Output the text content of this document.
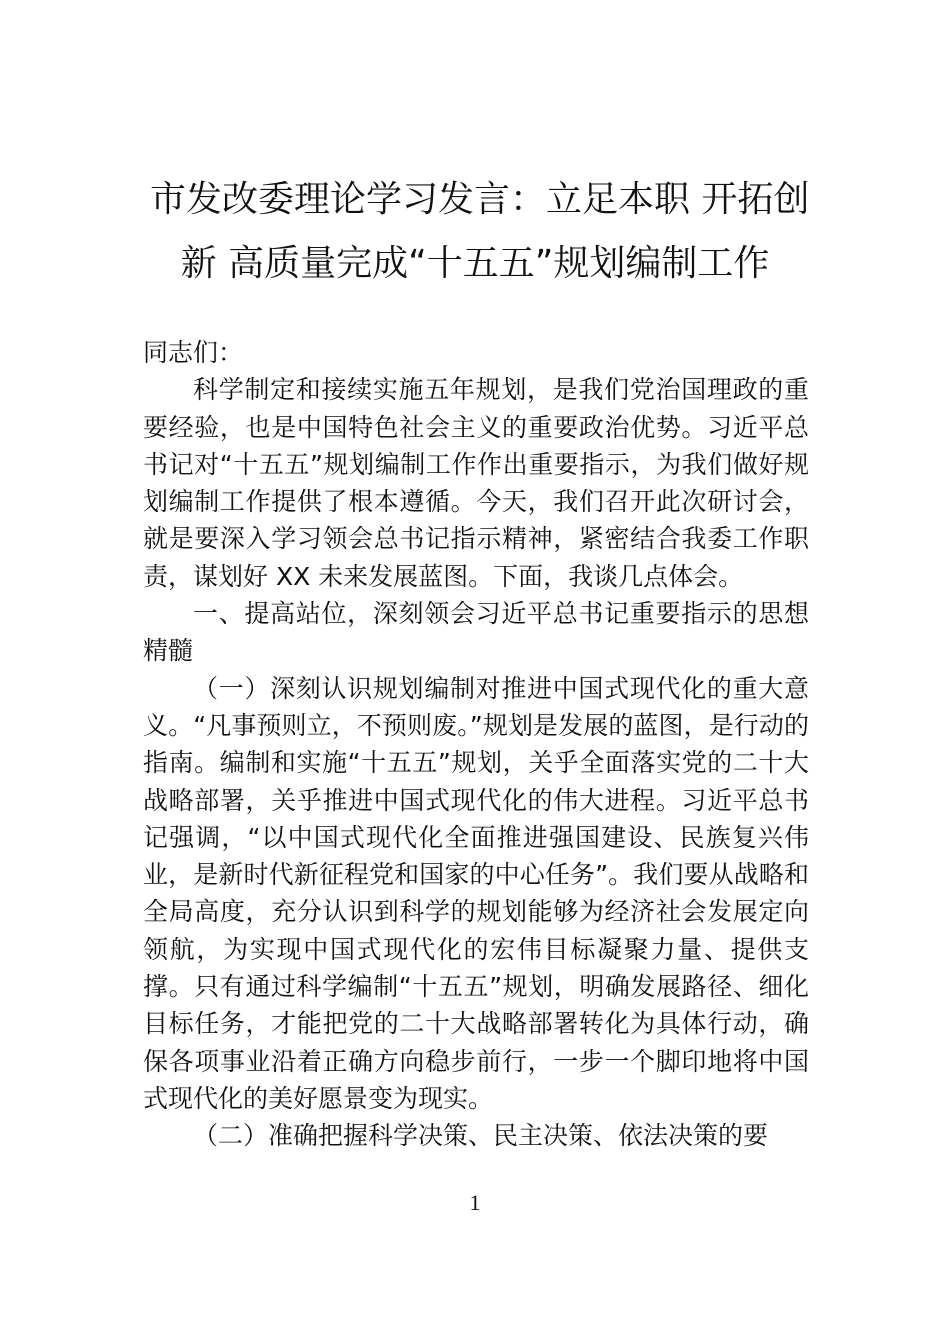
市发改委理论学习发言：立足本职 开拓创
新 高质量完成“十五五”规划编制工作

同志们：

科学制定和接续实施五年规划，是我们党治国理政的重要经验，也是中国特色社会主义的重要政治优势。习近平总书记对“十五五”规划编制工作作出重要指示，为我们做好规划编制工作提供了根本遵循。今天，我们召开此次研讨会，就是要深入学习领会总书记指示精神，紧密结合我委工作职责，谋划好 XX 未来发展蓝图。下面，我谈几点体会。

一、提高站位，深刻领会习近平总书记重要指示的思想精髓

（一）深刻认识规划编制对推进中国式现代化的重大意义。“凡事预则立，不预则废。”规划是发展的蓝图，是行动的指南。编制和实施“十五五”规划，关乎全面落实党的二十大战略部署，关乎推进中国式现代化的伟大进程。习近平总书记强调，“以中国式现代化全面推进强国建设、民族复兴伟业，是新时代新征程党和国家的中心任务”。我们要从战略和全局高度，充分认识到科学的规划能够为经济社会发展定向领航，为实现中国式现代化的宏伟目标凝聚力量、提供支撑。只有通过科学编制“十五五”规划，明确发展路径、细化目标任务，才能把党的二十大战略部署转化为具体行动，确保各项事业沿着正确方向稳步前行，一步一个脚印地将中国式现代化的美好愿景变为现实。

（二）准确把握科学决策、民主决策、依法决策的要

1
